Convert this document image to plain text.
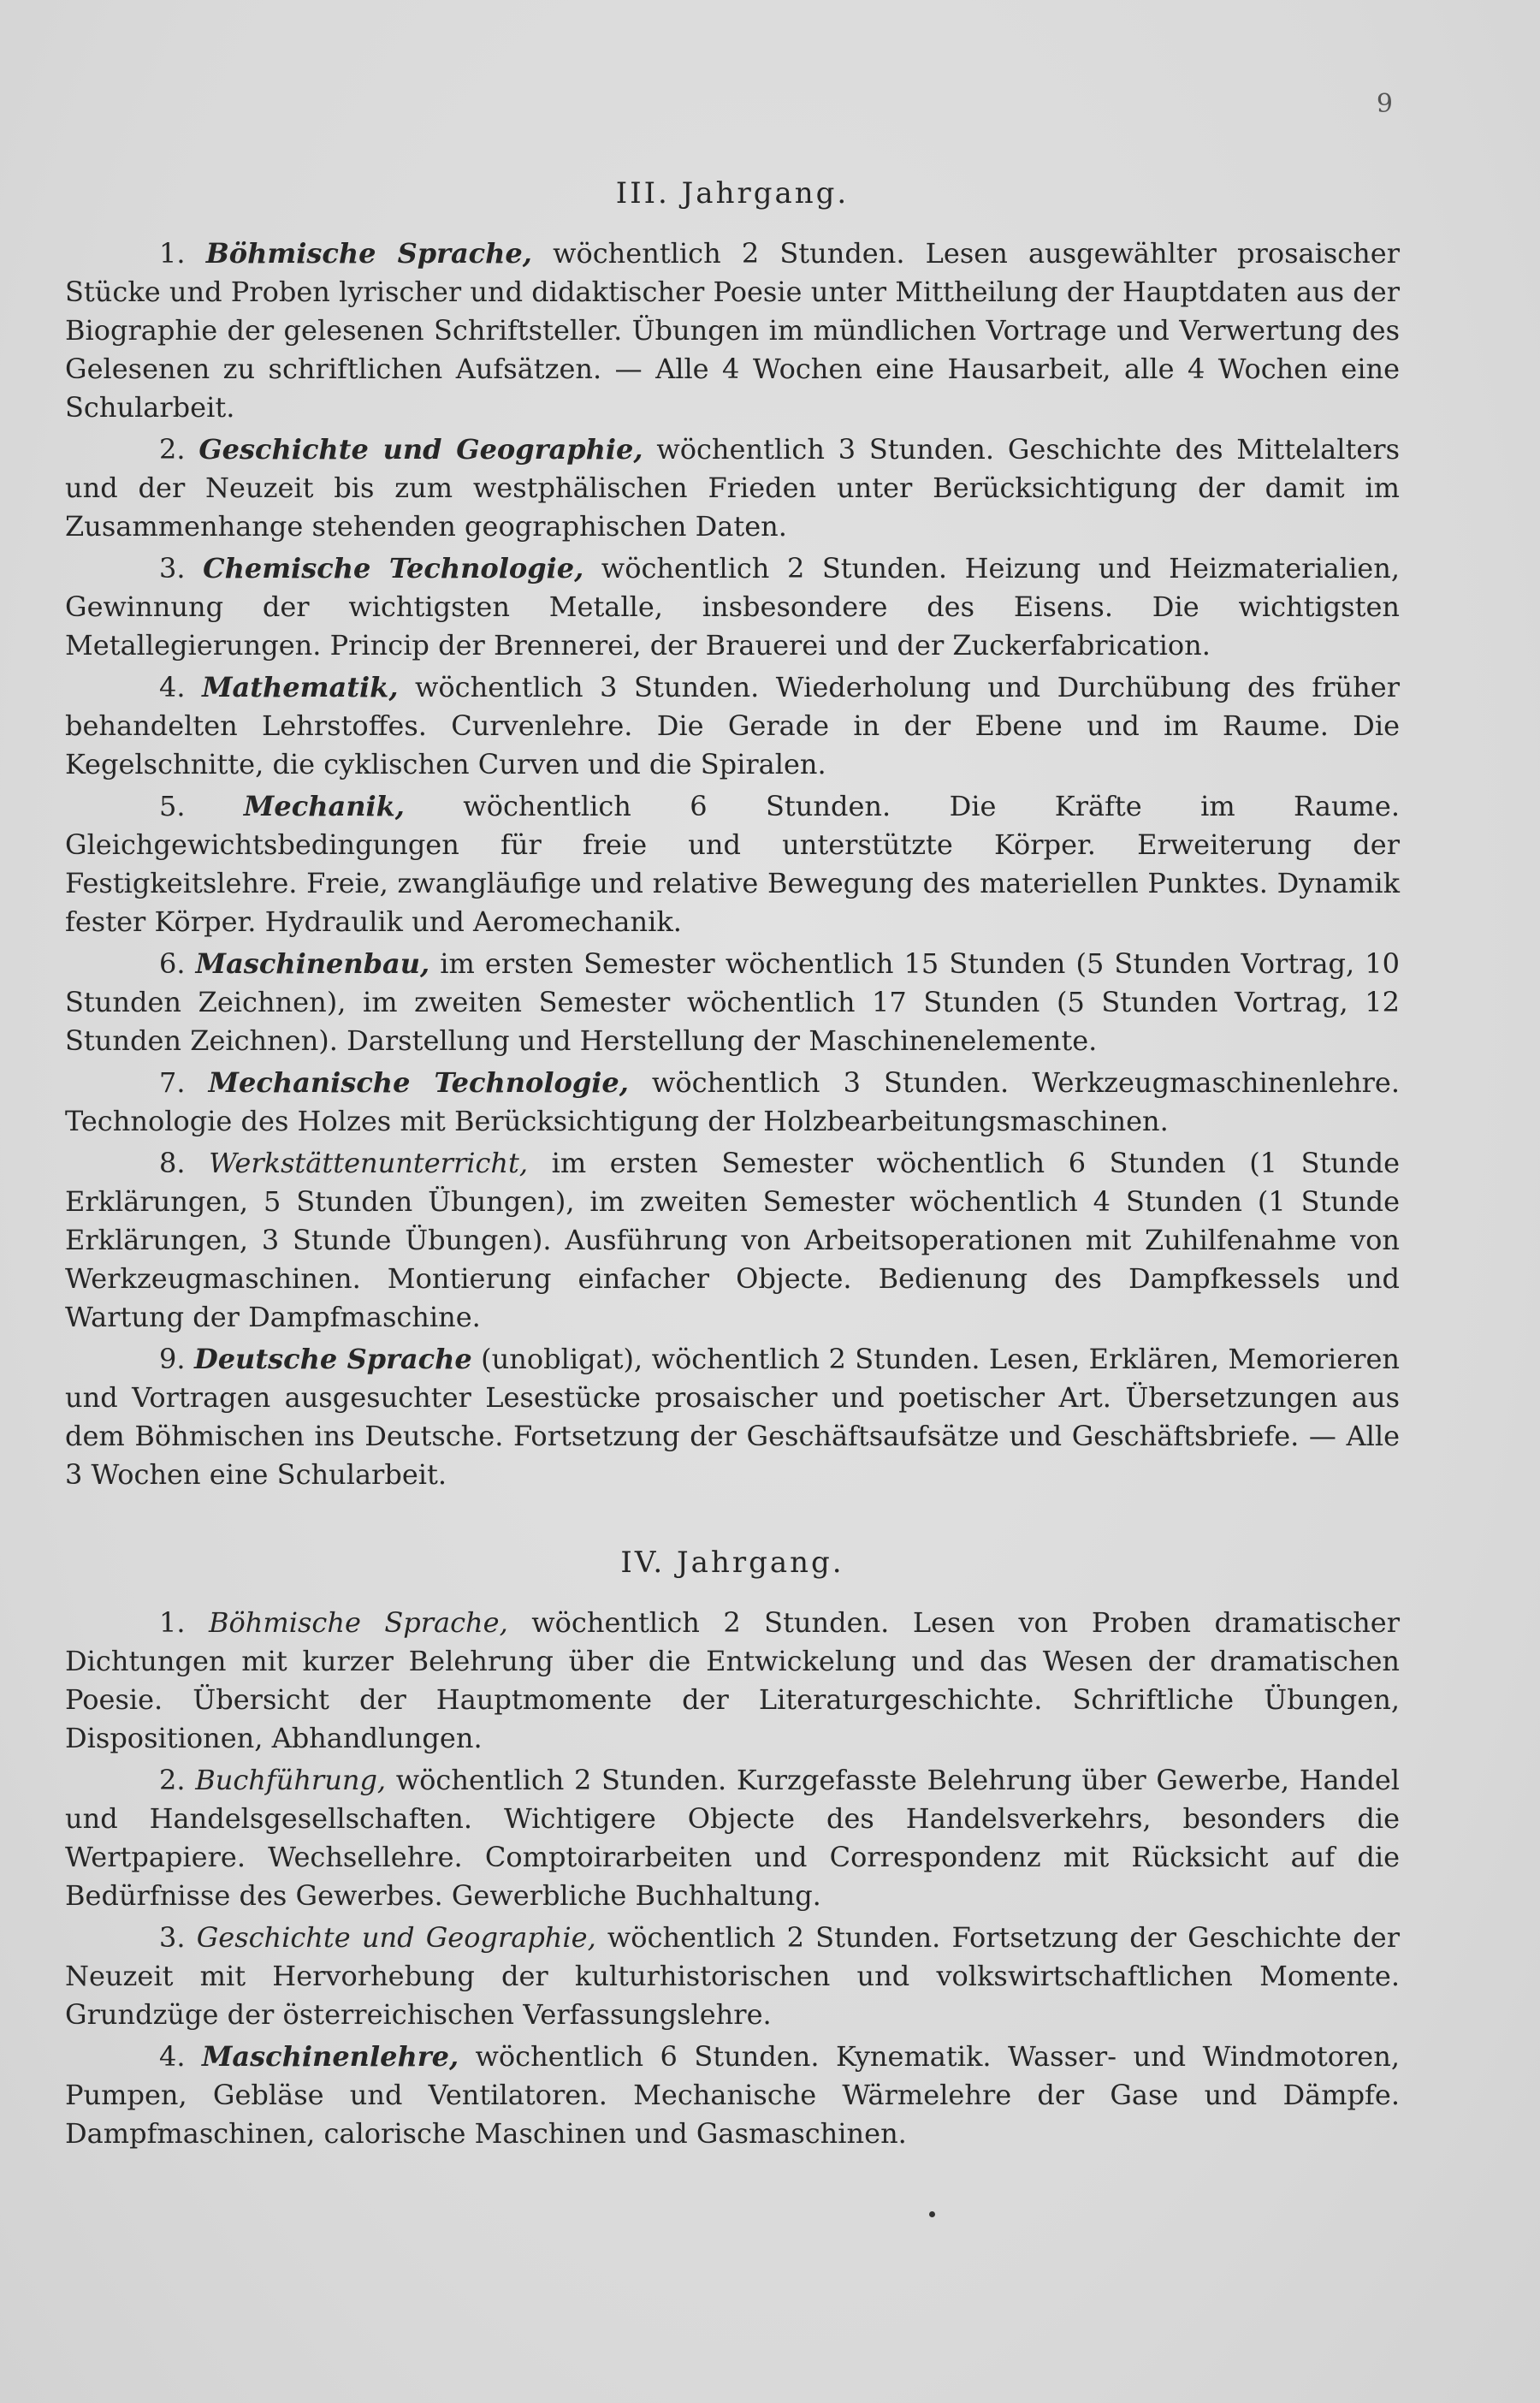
9
III. Jahrgang.

1. Böhmische Sprache, wöchentlich 2 Stunden. Lesen ausgewählter prosaischer Stücke und Proben lyrischer und didaktischer Poesie unter Mittheilung der Hauptdaten aus der Biographie der gelesenen Schriftsteller. Übungen im mündlichen Vortrage und Verwertung des Gelesenen zu schriftlichen Aufsätzen. — Alle 4 Wochen eine Hausarbeit, alle 4 Wochen eine Schularbeit.

2. Geschichte und Geographie, wöchentlich 3 Stunden. Geschichte des Mittelalters und der Neuzeit bis zum westphälischen Frieden unter Berücksichtigung der damit im Zusammenhange stehenden geographischen Daten.

3. Chemische Technologie, wöchentlich 2 Stunden. Heizung und Heizmaterialien, Gewinnung der wichtigsten Metalle, insbesondere des Eisens. Die wichtigsten Metallegierungen. Princip der Brennerei, der Brauerei und der Zuckerfabrication.

4. Mathematik, wöchentlich 3 Stunden. Wiederholung und Durchübung des früher behandelten Lehrstoffes. Curvenlehre. Die Gerade in der Ebene und im Raume. Die Kegelschnitte, die cyklischen Curven und die Spiralen.

5. Mechanik, wöchentlich 6 Stunden. Die Kräfte im Raume. Gleichgewichtsbedingungen für freie und unterstützte Körper. Erweiterung der Festigkeitslehre. Freie, zwangläufige und relative Bewegung des materiellen Punktes. Dynamik fester Körper. Hydraulik und Aeromechanik.

6. Maschinenbau, im ersten Semester wöchentlich 15 Stunden (5 Stunden Vortrag, 10 Stunden Zeichnen), im zweiten Semester wöchentlich 17 Stunden (5 Stunden Vortrag, 12 Stunden Zeichnen). Darstellung und Herstellung der Maschinenelemente.

7. Mechanische Technologie, wöchentlich 3 Stunden. Werkzeugmaschinenlehre. Technologie des Holzes mit Berücksichtigung der Holzbearbeitungsmaschinen.

8. Werkstättenunterricht, im ersten Semester wöchentlich 6 Stunden (1 Stunde Erklärungen, 5 Stunden Übungen), im zweiten Semester wöchentlich 4 Stunden (1 Stunde Erklärungen, 3 Stunde Übungen). Ausführung von Arbeitsoperationen mit Zuhilfenahme von Werkzeugmaschinen. Montierung einfacher Objecte. Bedienung des Dampfkessels und Wartung der Dampfmaschine.

9. Deutsche Sprache (unobligat), wöchentlich 2 Stunden. Lesen, Erklären, Memorieren und Vortragen ausgesuchter Lesestücke prosaischer und poetischer Art. Übersetzungen aus dem Böhmischen ins Deutsche. Fortsetzung der Geschäftsaufsätze und Geschäftsbriefe. — Alle 3 Wochen eine Schularbeit.

IV. Jahrgang.

1. Böhmische Sprache, wöchentlich 2 Stunden. Lesen von Proben dramatischer Dichtungen mit kurzer Belehrung über die Entwickelung und das Wesen der dramatischen Poesie. Übersicht der Hauptmomente der Literaturgeschichte. Schriftliche Übungen, Dispositionen, Abhandlungen.

2. Buchführung, wöchentlich 2 Stunden. Kurzgefasste Belehrung über Gewerbe, Handel und Handelsgesellschaften. Wichtigere Objecte des Handelsverkehrs, besonders die Wertpapiere. Wechsellehre. Comptoirarbeiten und Correspondenz mit Rücksicht auf die Bedürfnisse des Gewerbes. Gewerbliche Buchhaltung.

3. Geschichte und Geographie, wöchentlich 2 Stunden. Fortsetzung der Geschichte der Neuzeit mit Hervorhebung der kulturhistorischen und volkswirtschaftlichen Momente. Grundzüge der österreichischen Verfassungslehre.

4. Maschinenlehre, wöchentlich 6 Stunden. Kynematik. Wasser- und Windmotoren, Pumpen, Gebläse und Ventilatoren. Mechanische Wärmelehre der Gase und Dämpfe. Dampfmaschinen, calorische Maschinen und Gasmaschinen.
